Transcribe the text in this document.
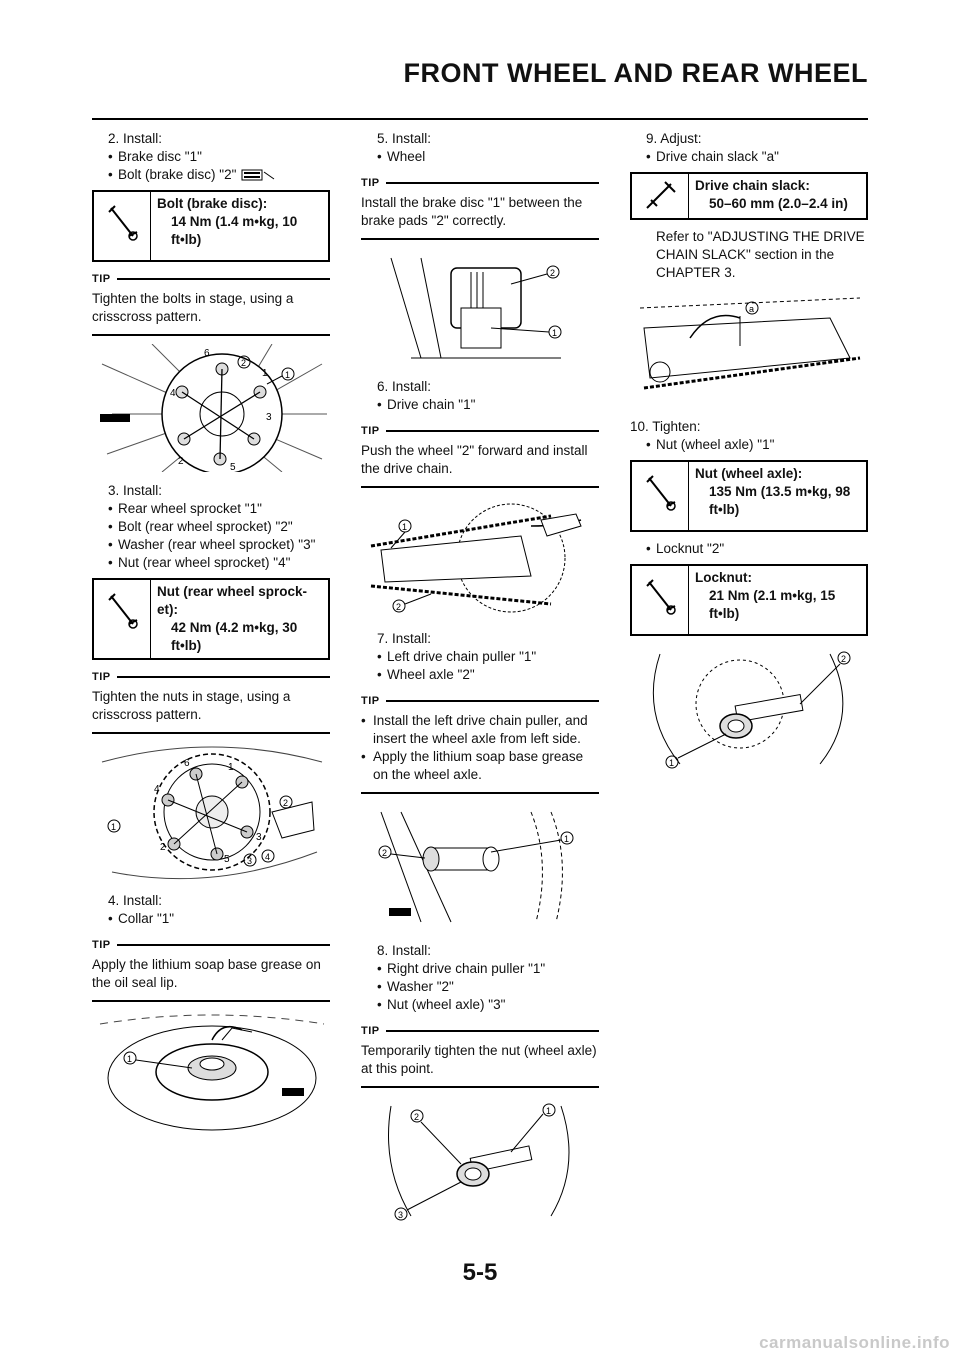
FRONT WHEEL AND REAR WHEEL

2. Install:

• Brake disc "1"

• Bolt (brake disc) "2"

Bolt (brake disc):
14 Nm (1.4 m•kg, 10 ft•lb)
TIP
Tighten the bolts in stage, using a crisscross pattern.
6
1
3
5
2
4
2
1

3. Install:

• Rear wheel sprocket "1"

• Bolt (rear wheel sprocket) "2"

• Washer (rear wheel sprocket) "3"

• Nut (rear wheel sprocket) "4"

Nut (rear wheel sprock- et):
42 Nm (4.2 m•kg, 30 ft•lb)
TIP
Tighten the nuts in stage, using a crisscross pattern.
6	1
4
3
2
5
1
2
3 4

4. Install:

• Collar "1"

TIP
Apply the lithium soap base grease on the oil seal lip.
1

5. Install:

• Wheel

TIP
Install the brake disc "1" between the brake pads "2" correctly.
2
1

6. Install:

• Drive chain "1"

TIP
Push the wheel "2" forward and install the drive chain.
1
2

7. Install:

• Left drive chain puller "1"

• Wheel axle "2"

TIP
• Install the left drive chain puller, and insert the wheel axle from left side.
• Apply the lithium soap base grease on the wheel axle.
2
1

8. Install:

• Right drive chain puller "1"

• Washer "2"

• Nut (wheel axle) "3"

TIP
Temporarily tighten the nut (wheel axle) at this point.
2
1
3

9. Adjust:

• Drive chain slack "a"

Drive chain slack:
50–60 mm (2.0–2.4 in)

Refer to "ADJUSTING THE DRIVE CHAIN SLACK" section in the CHAPTER 3.

a

10. Tighten:

• Nut (wheel axle) "1"

Nut (wheel axle):
135 Nm (13.5 m•kg, 98 ft•lb)

• Locknut "2"

Locknut:
21 Nm (2.1 m•kg, 15 ft•lb)
2
1
5-5
carmanualsonline.info
